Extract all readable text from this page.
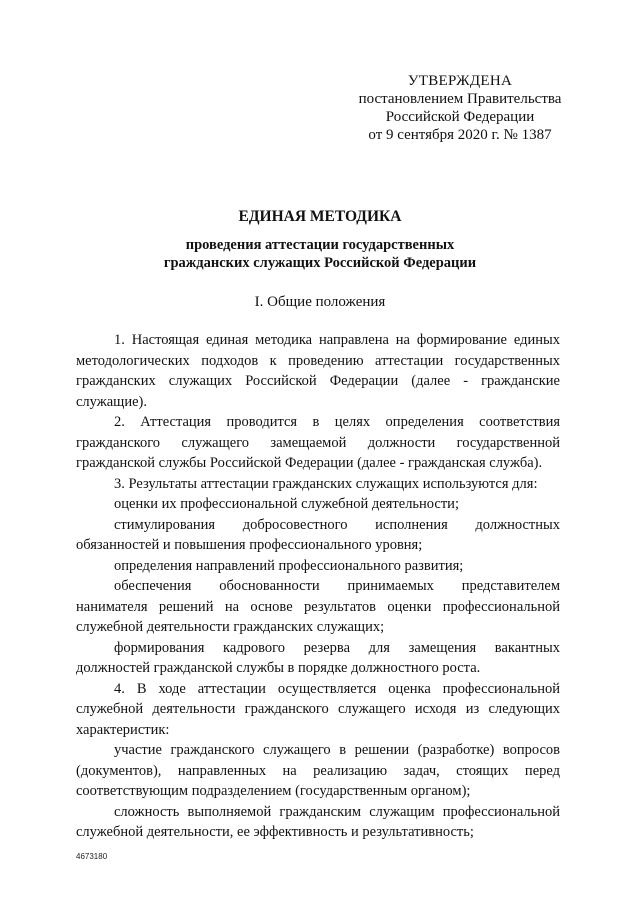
УТВЕРЖДЕНА
постановлением Правительства
Российской Федерации
от 9 сентября 2020 г. № 1387
ЕДИНАЯ МЕТОДИКА
проведения аттестации государственных
гражданских служащих Российской Федерации
I. Общие положения

1. Настоящая единая методика направлена на формирование единых методологических подходов к проведению аттестации государственных гражданских служащих Российской Федерации (далее - гражданские служащие).

2. Аттестация проводится в целях определения соответствия гражданского служащего замещаемой должности государственной гражданской службы Российской Федерации (далее - гражданская служба).

3. Результаты аттестации гражданских служащих используются для:

оценки их профессиональной служебной деятельности;

стимулирования добросовестного исполнения должностных обязанностей и повышения профессионального уровня;

определения направлений профессионального развития;

обеспечения обоснованности принимаемых представителем нанимателя решений на основе результатов оценки профессиональной служебной деятельности гражданских служащих;

формирования кадрового резерва для замещения вакантных должностей гражданской службы в порядке должностного роста.

4. В ходе аттестации осуществляется оценка профессиональной служебной деятельности гражданского служащего исходя из следующих характеристик:

участие гражданского служащего в решении (разработке) вопросов (документов), направленных на реализацию задач, стоящих перед соответствующим подразделением (государственным органом);

сложность выполняемой гражданским служащим профессиональной служебной деятельности, ее эффективность и результативность;

4673180
